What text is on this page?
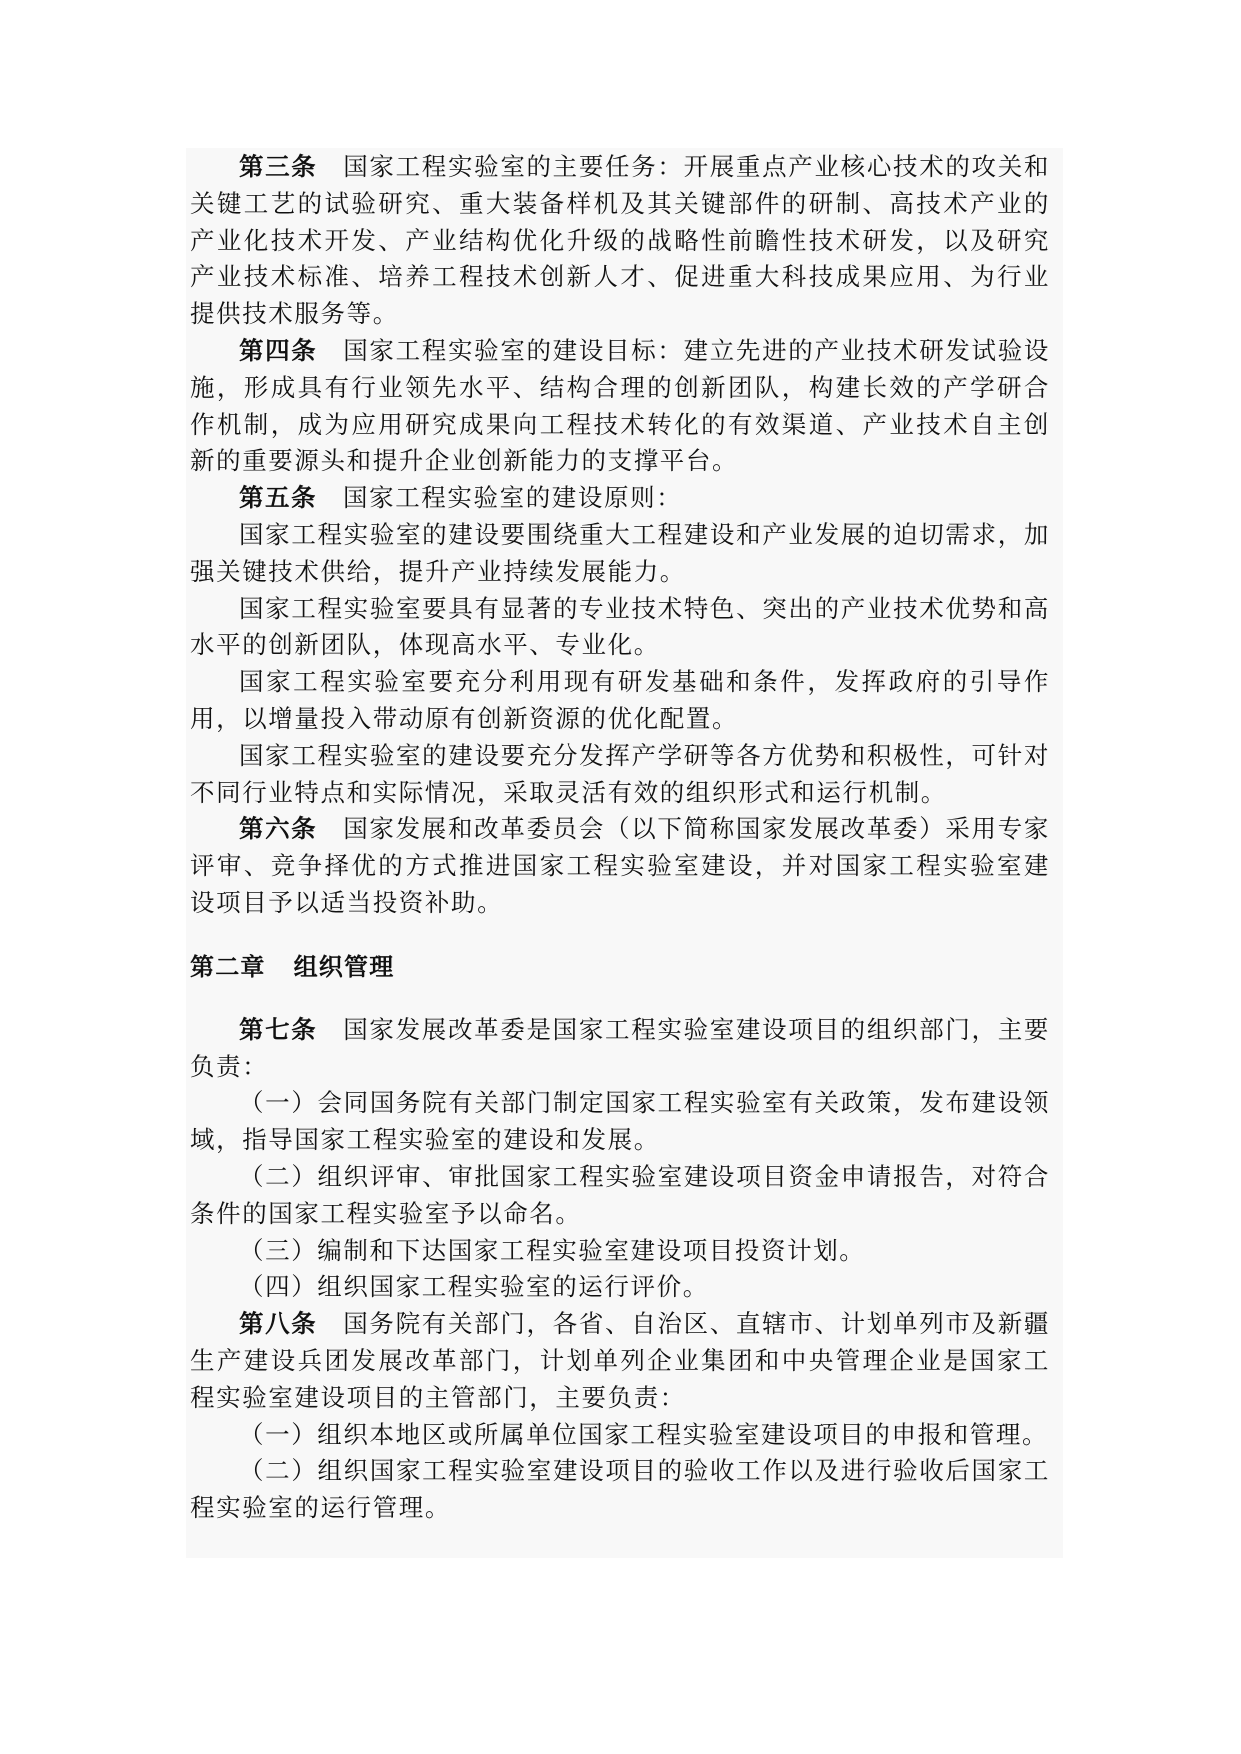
第三条 国家工程实验室的主要任务：开展重点产业核心技术的攻关和关键工艺的试验研究、重大装备样机及其关键部件的研制、高技术产业的产业化技术开发、产业结构优化升级的战略性前瞻性技术研发，以及研究产业技术标准、培养工程技术创新人才、促进重大科技成果应用、为行业提供技术服务等。

第四条 国家工程实验室的建设目标：建立先进的产业技术研发试验设施，形成具有行业领先水平、结构合理的创新团队，构建长效的产学研合作机制，成为应用研究成果向工程技术转化的有效渠道、产业技术自主创新的重要源头和提升企业创新能力的支撑平台。

第五条 国家工程实验室的建设原则：

国家工程实验室的建设要围绕重大工程建设和产业发展的迫切需求，加强关键技术供给，提升产业持续发展能力。

国家工程实验室要具有显著的专业技术特色、突出的产业技术优势和高水平的创新团队，体现高水平、专业化。

国家工程实验室要充分利用现有研发基础和条件，发挥政府的引导作用，以增量投入带动原有创新资源的优化配置。

国家工程实验室的建设要充分发挥产学研等各方优势和积极性，可针对不同行业特点和实际情况，采取灵活有效的组织形式和运行机制。

第六条 国家发展和改革委员会（以下简称国家发展改革委）采用专家评审、竞争择优的方式推进国家工程实验室建设，并对国家工程实验室建设项目予以适当投资补助。

第二章 组织管理

第七条 国家发展改革委是国家工程实验室建设项目的组织部门，主要负责：

（一）会同国务院有关部门制定国家工程实验室有关政策，发布建设领域，指导国家工程实验室的建设和发展。

（二）组织评审、审批国家工程实验室建设项目资金申请报告，对符合条件的国家工程实验室予以命名。

（三）编制和下达国家工程实验室建设项目投资计划。

（四）组织国家工程实验室的运行评价。

第八条 国务院有关部门，各省、自治区、直辖市、计划单列市及新疆生产建设兵团发展改革部门，计划单列企业集团和中央管理企业是国家工程实验室建设项目的主管部门，主要负责：

（一）组织本地区或所属单位国家工程实验室建设项目的申报和管理。

（二）组织国家工程实验室建设项目的验收工作以及进行验收后国家工程实验室的运行管理。
